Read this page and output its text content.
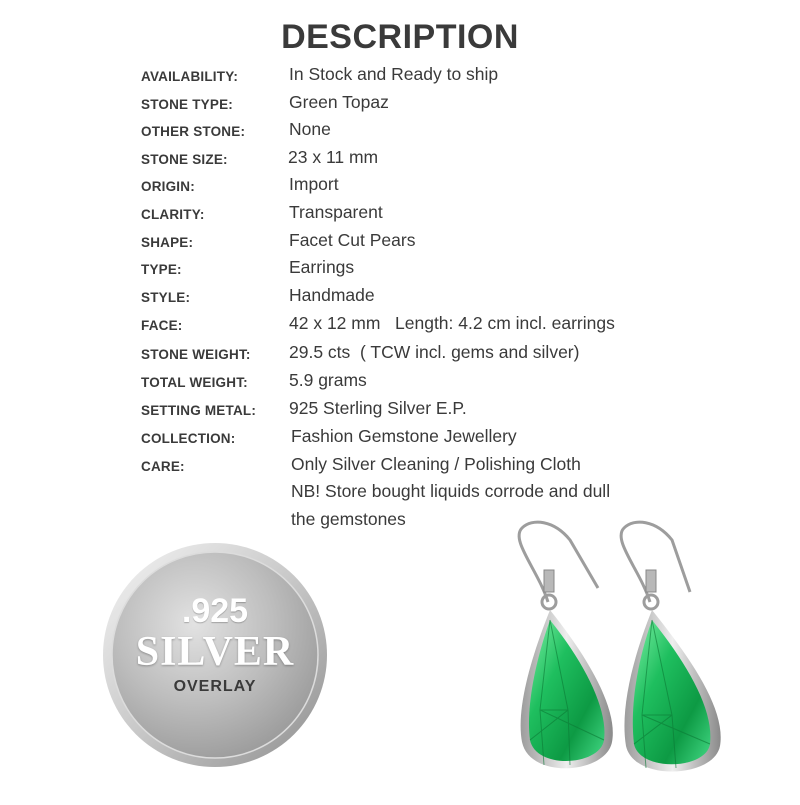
DESCRIPTION
AVAILABILITY:	In Stock and Ready to ship
STONE TYPE:	Green Topaz
OTHER STONE:	None
STONE SIZE:	23 x 11 mm
ORIGIN:	Import
CLARITY:	Transparent
SHAPE:	Facet Cut Pears
TYPE:	Earrings
STYLE:	Handmade
FACE:	42 x 12 mm   Length: 4.2 cm incl. earrings
STONE WEIGHT: 29.5 cts  ( TCW incl. gems and silver)
TOTAL WEIGHT: 5.9 grams
SETTING METAL: 925 Sterling Silver E.P.
COLLECTION:	Fashion Gemstone Jewellery
CARE:	Only Silver Cleaning / Polishing Cloth
NB! Store bought liquids corrode and dull
the gemstones
.925
SILVER
OVERLAY
